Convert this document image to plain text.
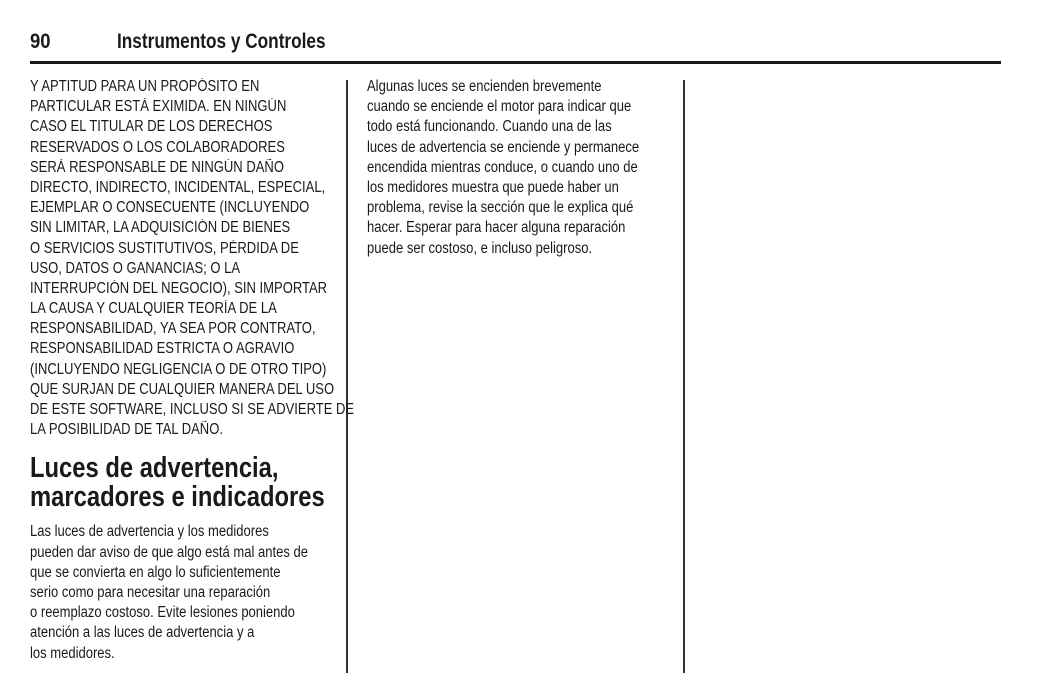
90	Instrumentos y Controles
Y APTITUD PARA UN PROPÓSITO EN
PARTICULAR ESTÁ EXIMIDA. EN NINGÚN
CASO EL TITULAR DE LOS DERECHOS
RESERVADOS O LOS COLABORADORES
SERÁ RESPONSABLE DE NINGÚN DAÑO
DIRECTO, INDIRECTO, INCIDENTAL, ESPECIAL,
EJEMPLAR O CONSECUENTE (INCLUYENDO
SIN LIMITAR, LA ADQUISICIÓN DE BIENES
O SERVICIOS SUSTITUTIVOS, PÉRDIDA DE
USO, DATOS O GANANCIAS; O LA
INTERRUPCIÓN DEL NEGOCIO), SIN IMPORTAR
LA CAUSA Y CUALQUIER TEORÍA DE LA
RESPONSABILIDAD, YA SEA POR CONTRATO,
RESPONSABILIDAD ESTRICTA O AGRAVIO
(INCLUYENDO NEGLIGENCIA O DE OTRO TIPO)
QUE SURJAN DE CUALQUIER MANERA DEL USO
DE ESTE SOFTWARE, INCLUSO SI SE ADVIERTE DE
LA POSIBILIDAD DE TAL DAÑO.
Luces de advertencia,
marcadores e indicadores
Las luces de advertencia y los medidores
pueden dar aviso de que algo está mal antes de
que se convierta en algo lo suficientemente
serio como para necesitar una reparación
o reemplazo costoso. Evite lesiones poniendo
atención a las luces de advertencia y a
los medidores.
Algunas luces se encienden brevemente
cuando se enciende el motor para indicar que
todo está funcionando. Cuando una de las
luces de advertencia se enciende y permanece
encendida mientras conduce, o cuando uno de
los medidores muestra que puede haber un
problema, revise la sección que le explica qué
hacer. Esperar para hacer alguna reparación
puede ser costoso, e incluso peligroso.
